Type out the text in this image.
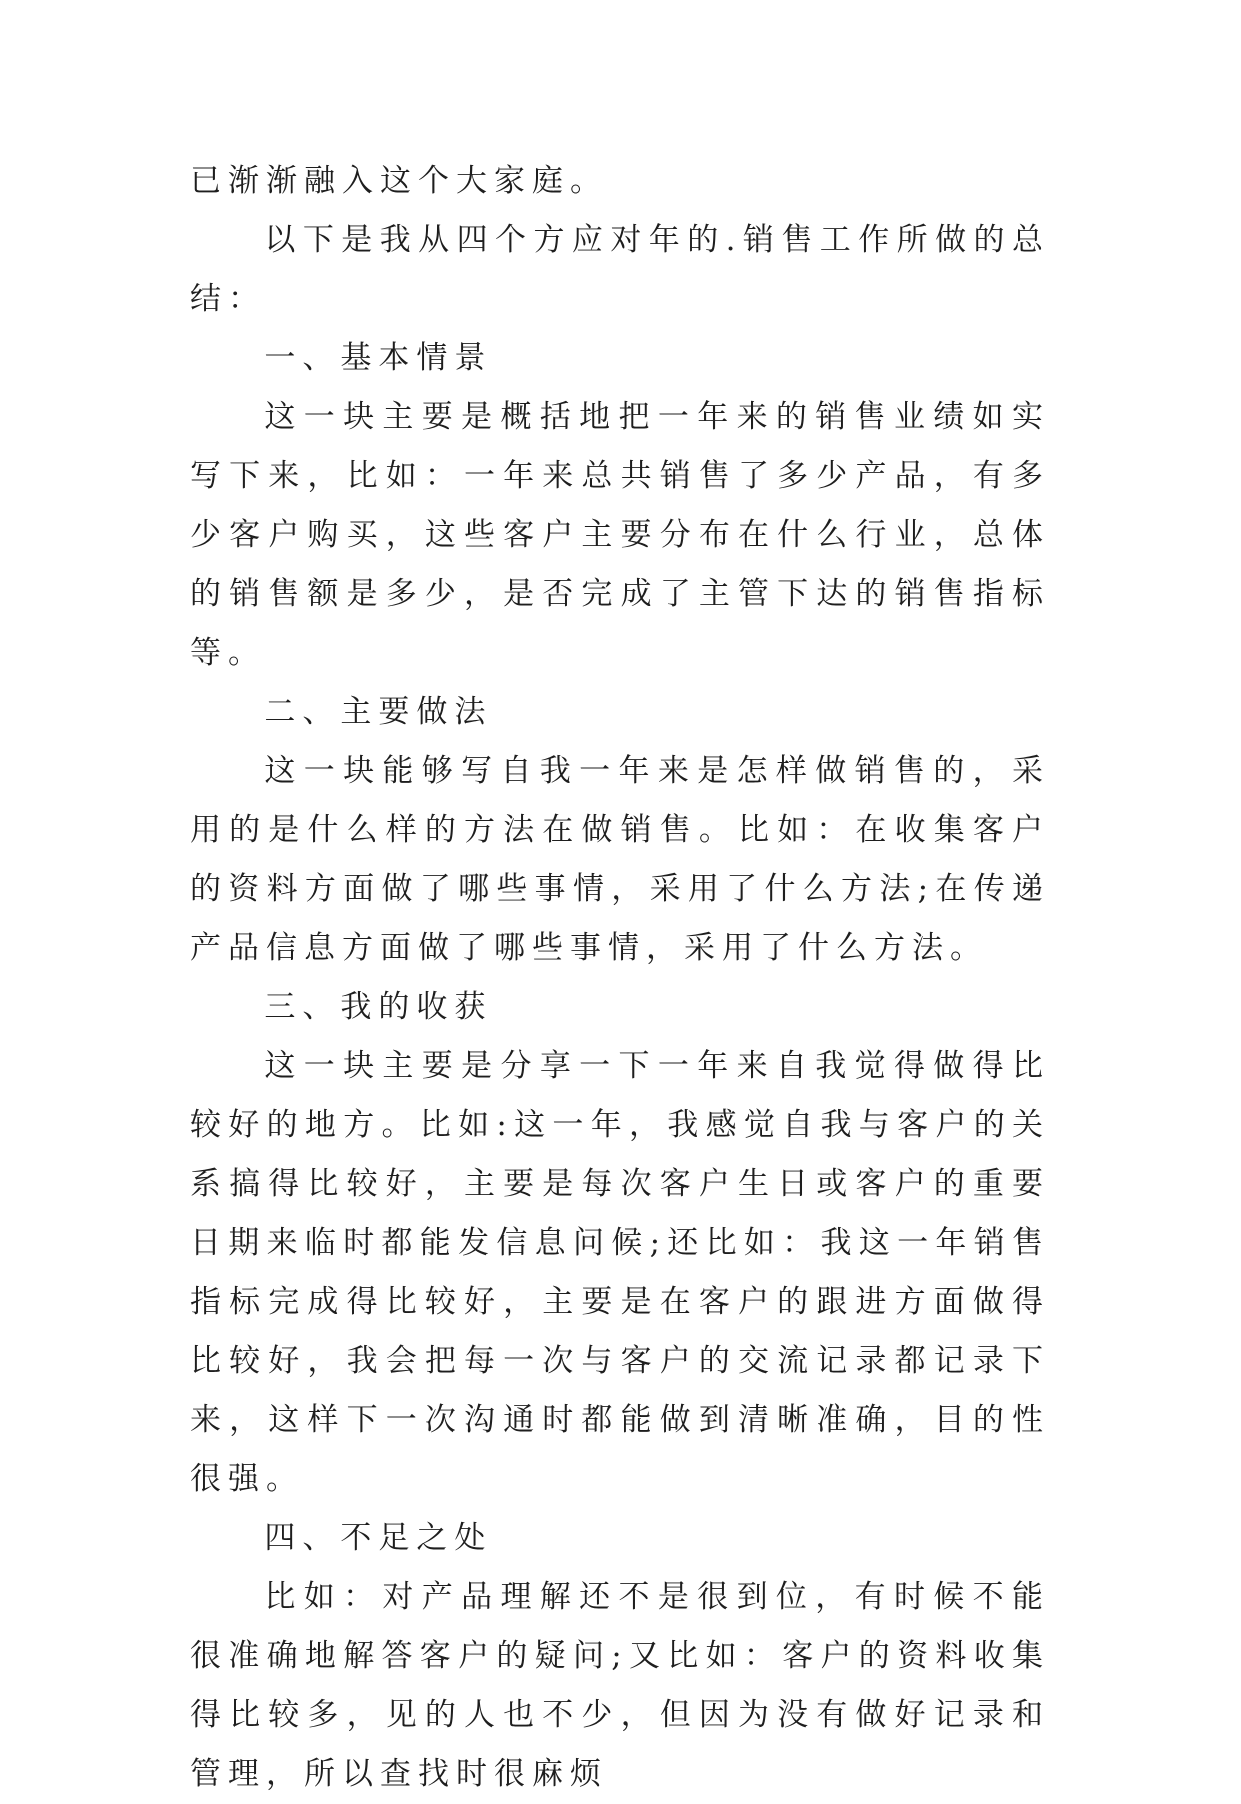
已渐渐融入这个大家庭。

以下是我从四个方应对年的.销售工作所做的总结：

一、基本情景

这一块主要是概括地把一年来的销售业绩如实写下来，比如：一年来总共销售了多少产品，有多少客户购买，这些客户主要分布在什么行业，总体的销售额是多少，是否完成了主管下达的销售指标等。

二、主要做法

这一块能够写自我一年来是怎样做销售的，采用的是什么样的方法在做销售。比如：在收集客户的资料方面做了哪些事情，采用了什么方法;在传递产品信息方面做了哪些事情，采用了什么方法。

三、我的收获

这一块主要是分享一下一年来自我觉得做得比较好的地方。比如:这一年，我感觉自我与客户的关系搞得比较好，主要是每次客户生日或客户的重要日期来临时都能发信息问候;还比如：我这一年销售指标完成得比较好，主要是在客户的跟进方面做得比较好，我会把每一次与客户的交流记录都记录下来，这样下一次沟通时都能做到清晰准确，目的性很强。

四、不足之处

比如：对产品理解还不是很到位，有时候不能很准确地解答客户的疑问;又比如：客户的资料收集得比较多，见的人也不少，但因为没有做好记录和管理，所以查找时很麻烦
